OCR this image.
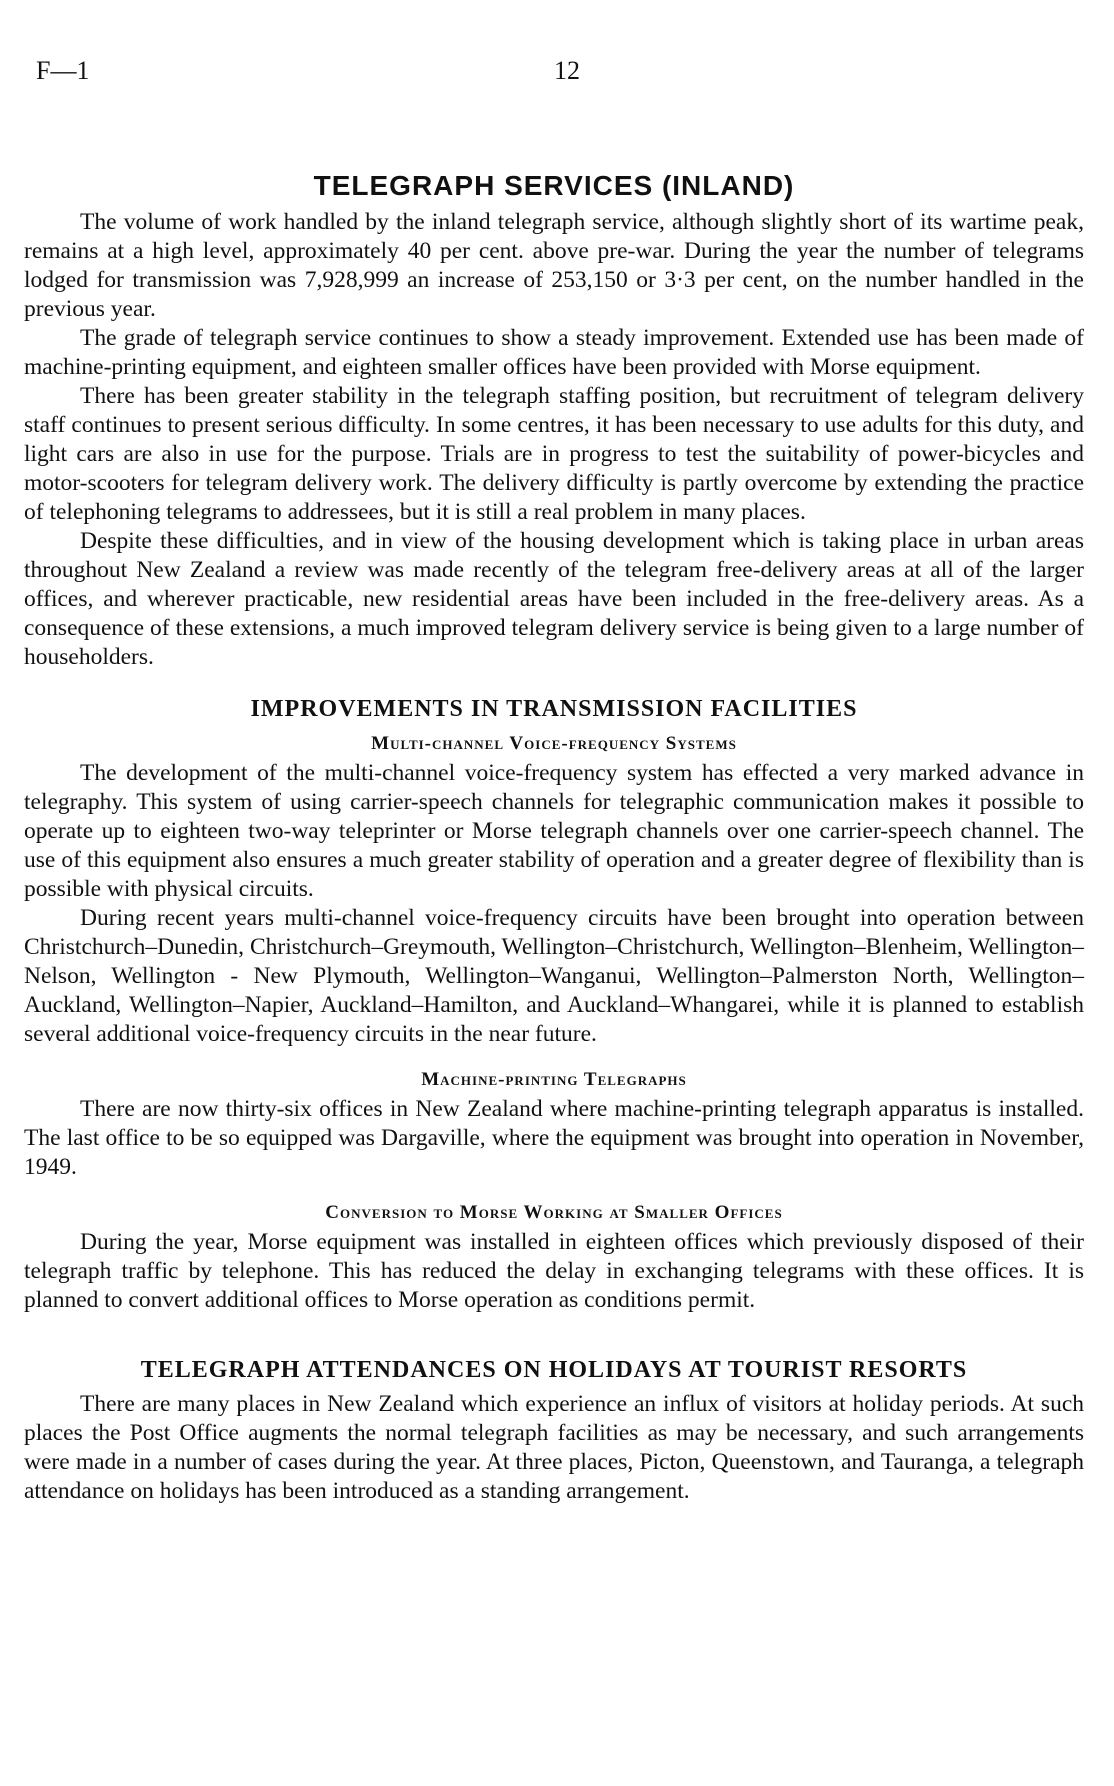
F—1	12
TELEGRAPH SERVICES (INLAND)

The volume of work handled by the inland telegraph service, although slightly short of its wartime peak, remains at a high level, approximately 40 per cent. above pre-war. During the year the number of telegrams lodged for transmission was 7,928,999 an increase of 253,150 or 3·3 per cent, on the number handled in the previous year.

The grade of telegraph service continues to show a steady improvement. Extended use has been made of machine-printing equipment, and eighteen smaller offices have been provided with Morse equipment.

There has been greater stability in the telegraph staffing position, but recruitment of telegram delivery staff continues to present serious difficulty. In some centres, it has been necessary to use adults for this duty, and light cars are also in use for the purpose. Trials are in progress to test the suitability of power-bicycles and motor-scooters for telegram delivery work. The delivery difficulty is partly overcome by extending the practice of telephoning telegrams to addressees, but it is still a real problem in many places.

Despite these difficulties, and in view of the housing development which is taking place in urban areas throughout New Zealand a review was made recently of the telegram free-delivery areas at all of the larger offices, and wherever practicable, new residential areas have been included in the free-delivery areas. As a consequence of these extensions, a much improved telegram delivery service is being given to a large number of householders.

IMPROVEMENTS IN TRANSMISSION FACILITIES
Multi-channel Voice-frequency Systems

The development of the multi-channel voice-frequency system has effected a very marked advance in telegraphy. This system of using carrier-speech channels for telegraphic communication makes it possible to operate up to eighteen two-way teleprinter or Morse telegraph channels over one carrier-speech channel. The use of this equipment also ensures a much greater stability of operation and a greater degree of flexibility than is possible with physical circuits.

During recent years multi-channel voice-frequency circuits have been brought into operation between Christchurch–Dunedin, Christchurch–Greymouth, Wellington–Christchurch, Wellington–Blenheim, Wellington–Nelson, Wellington - New Plymouth, Wellington–Wanganui, Wellington–Palmerston North, Wellington–Auckland, Wellington–Napier, Auckland–Hamilton, and Auckland–Whangarei, while it is planned to establish several additional voice-frequency circuits in the near future.

Machine-printing Telegraphs

There are now thirty-six offices in New Zealand where machine-printing telegraph apparatus is installed. The last office to be so equipped was Dargaville, where the equipment was brought into operation in November, 1949.

Conversion to Morse Working at Smaller Offices

During the year, Morse equipment was installed in eighteen offices which previously disposed of their telegraph traffic by telephone. This has reduced the delay in exchanging telegrams with these offices. It is planned to convert additional offices to Morse operation as conditions permit.

TELEGRAPH ATTENDANCES ON HOLIDAYS AT TOURIST RESORTS

There are many places in New Zealand which experience an influx of visitors at holiday periods. At such places the Post Office augments the normal telegraph facilities as may be necessary, and such arrangements were made in a number of cases during the year. At three places, Picton, Queenstown, and Tauranga, a telegraph attendance on holidays has been introduced as a standing arrangement.
